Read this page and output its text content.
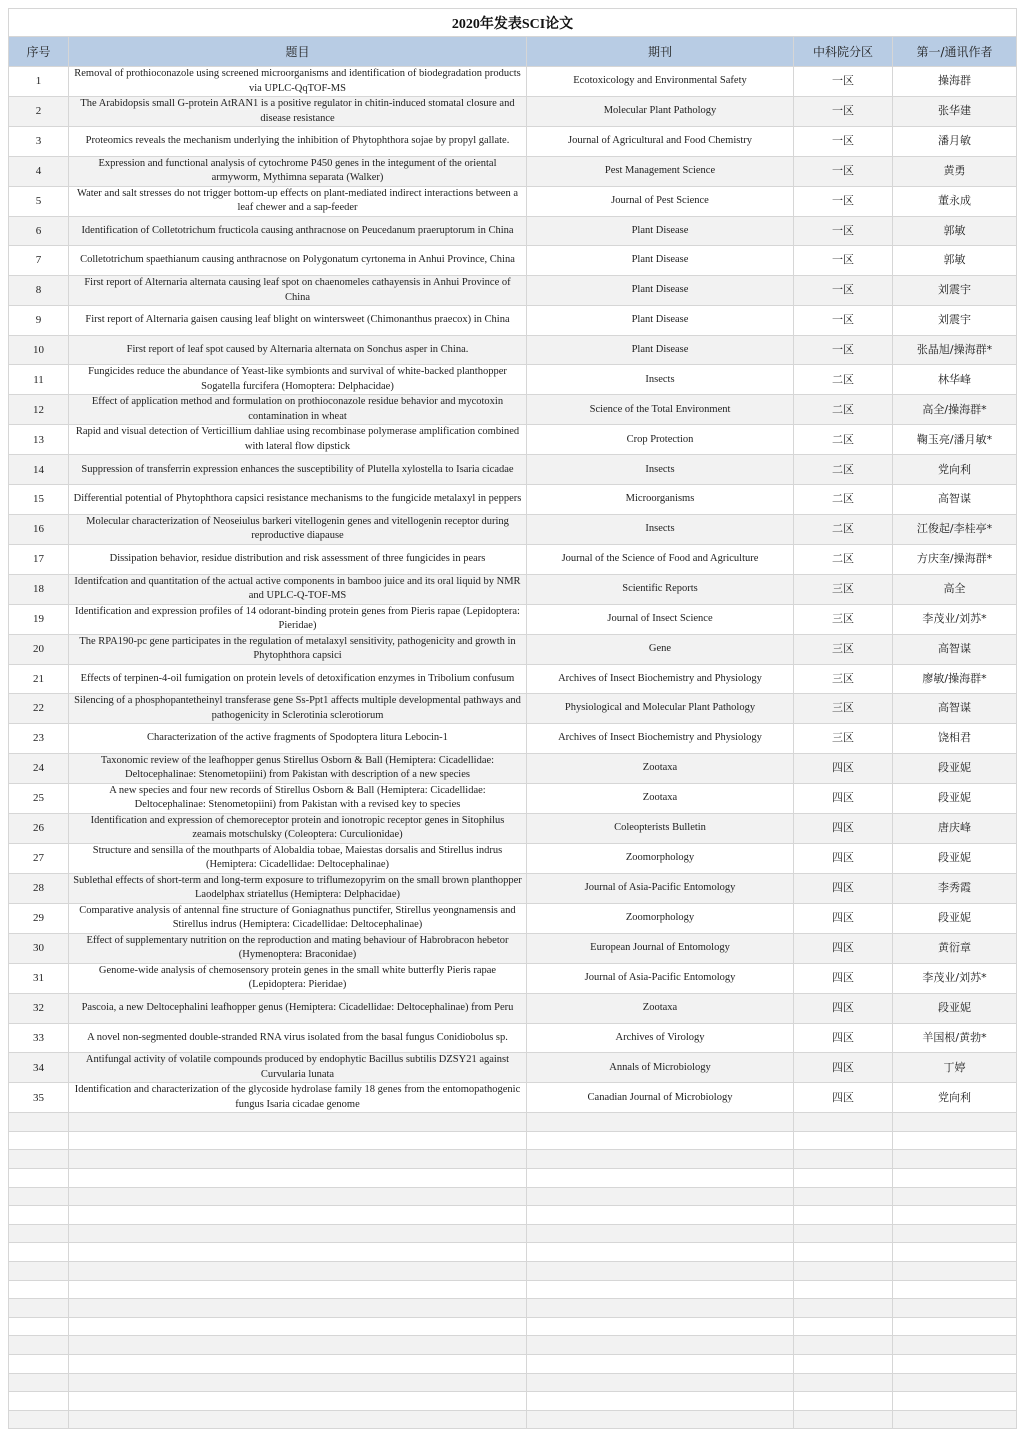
2020年发表SCI论文				
序号	题目	期刊	中科院分区	第一/通讯作者
1	Removal of prothioconazole using screened microorganisms and identification of biodegradation products via UPLC-QqTOF-MS	Ecotoxicology and Environmental Safety	一区	操海群
2	The Arabidopsis small G-protein AtRAN1 is a positive regulator in chitin-induced stomatal closure and disease resistance	Molecular Plant Pathology	一区	张华建
3	Proteomics reveals the mechanism underlying the inhibition of Phytophthora sojae by propyl gallate.	Journal of Agricultural and Food Chemistry	一区	潘月敏
4	Expression and functional analysis of cytochrome P450 genes in the integument of the oriental armyworm, Mythimna separata (Walker)	Pest Management Science	一区	黄勇
5	Water and salt stresses do not trigger bottom-up effects on plant-mediated indirect interactions between a leaf chewer and a sap-feeder	Journal of Pest Science	一区	董永成
6	Identification of Colletotrichum fructicola causing anthracnose on Peucedanum praeruptorum in China	Plant Disease	一区	郭敏
7	Colletotrichum spaethianum causing anthracnose on Polygonatum cyrtonema in Anhui Province, China	Plant Disease	一区	郭敏
8	First report of Alternaria alternata causing leaf spot on chaenomeles cathayensis in Anhui Province of China	Plant Disease	一区	刘震宇
9	First report of Alternaria gaisen causing leaf blight on wintersweet (Chimonanthus praecox) in China	Plant Disease	一区	刘震宇
10	First report of leaf spot caused by Alternaria alternata on Sonchus asper in China.	Plant Disease	一区	张晶旭/操海群*
11	Fungicides reduce the abundance of Yeast-like symbionts and survival of white-backed planthopper Sogatella furcifera (Homoptera: Delphacidae)	Insects	二区	林华峰
12	Effect of application method and formulation on prothioconazole residue behavior and mycotoxin contamination in wheat	Science of the Total Environment	二区	高全/操海群*
13	Rapid and visual detection of Verticillium dahliae using recombinase polymerase amplification combined with lateral flow dipstick	Crop Protection	二区	鞠玉亮/潘月敏*
14	Suppression of transferrin expression enhances the susceptibility of Plutella xylostella to Isaria cicadae	Insects	二区	党向利
15	Differential potential of Phytophthora capsici resistance mechanisms to the fungicide metalaxyl in peppers	Microorganisms	二区	高智谋
16	Molecular characterization of Neoseiulus barkeri vitellogenin genes and vitellogenin receptor during reproductive diapause	Insects	二区	江俊起/李桂亭*
17	Dissipation behavior, residue distribution and risk assessment of three fungicides in pears	Journal of the Science of Food and Agriculture	二区	方庆奎/操海群*
18	Identifcation and quantitation of the actual active components in bamboo juice and its oral liquid by NMR and UPLC-Q-TOF-MS	Scientific Reports	三区	高全
19	Identification and expression profiles of 14 odorant-binding protein genes from Pieris rapae (Lepidoptera: Pieridae)	Journal of Insect Science	三区	李茂业/刘苏*
20	The RPA190-pc gene participates in the regulation of metalaxyl sensitivity, pathogenicity and growth in Phytophthora capsici	Gene	三区	高智谋
21	Effects of terpinen-4-oil fumigation on protein levels of detoxification enzymes in Tribolium confusum	Archives of Insect Biochemistry and Physiology	三区	廖敏/操海群*
22	Silencing of a phosphopantetheinyl transferase gene Ss-Ppt1 affects multiple developmental pathways and pathogenicity in Sclerotinia sclerotiorum	Physiological and Molecular Plant Pathology	三区	高智谋
23	Characterization of the active fragments of Spodoptera litura Lebocin-1	Archives of Insect Biochemistry and Physiology	三区	饶相君
24	Taxonomic review of the leafhopper genus Stirellus Osborn & Ball (Hemiptera: Cicadellidae: Deltocephalinae: Stenometopiini) from Pakistan with description of a new species	Zootaxa	四区	段亚妮
25	A new species and four new records of Stirellus Osborn & Ball (Hemiptera: Cicadellidae: Deltocephalinae: Stenometopiini) from Pakistan with a revised key to species	Zootaxa	四区	段亚妮
26	Identification and expression of chemoreceptor protein and ionotropic receptor genes in Sitophilus zeamais motschulsky (Coleoptera: Curculionidae)	Coleopterists Bulletin	四区	唐庆峰
27	Structure and sensilla of the mouthparts of Alobaldia tobae, Maiestas dorsalis and Stirellus indrus (Hemiptera: Cicadellidae: Deltocephalinae)	Zoomorphology	四区	段亚妮
28	Sublethal effects of short-term and long-term exposure to triflumezopyrim on the small brown planthopper Laodelphax striatellus (Hemiptera: Delphacidae)	Journal of Asia-Pacific Entomology	四区	李秀霞
29	Comparative analysis of antennal fine structure of Goniagnathus punctifer, Stirellus yeongnamensis and Stirellus indrus (Hemiptera: Cicadellidae: Deltocephalinae)	Zoomorphology	四区	段亚妮
30	Effect of supplementary nutrition on the reproduction and mating behaviour of Habrobracon hebetor (Hymenoptera: Braconidae)	European Journal of Entomology	四区	黄衍章
31	Genome-wide analysis of chemosensory protein genes in the small white butterfly Pieris rapae (Lepidoptera: Pieridae)	Journal of Asia-Pacific Entomology	四区	李茂业/刘苏*
32	Pascoia, a new Deltocephalini leafhopper genus (Hemiptera: Cicadellidae: Deltocephalinae) from Peru	Zootaxa	四区	段亚妮
33	A novel non-segmented double-stranded RNA virus isolated from the basal fungus Conidiobolus sp.	Archives of Virology	四区	羊国根/黄勃*
34	Antifungal activity of volatile compounds produced by endophytic Bacillus subtilis DZSY21 against Curvularia lunata	Annals of Microbiology	四区	丁婷
35	Identification and characterization of the glycoside hydrolase family 18 genes from the entomopathogenic fungus Isaria cicadae genome	Canadian Journal of Microbiology	四区	党向利
